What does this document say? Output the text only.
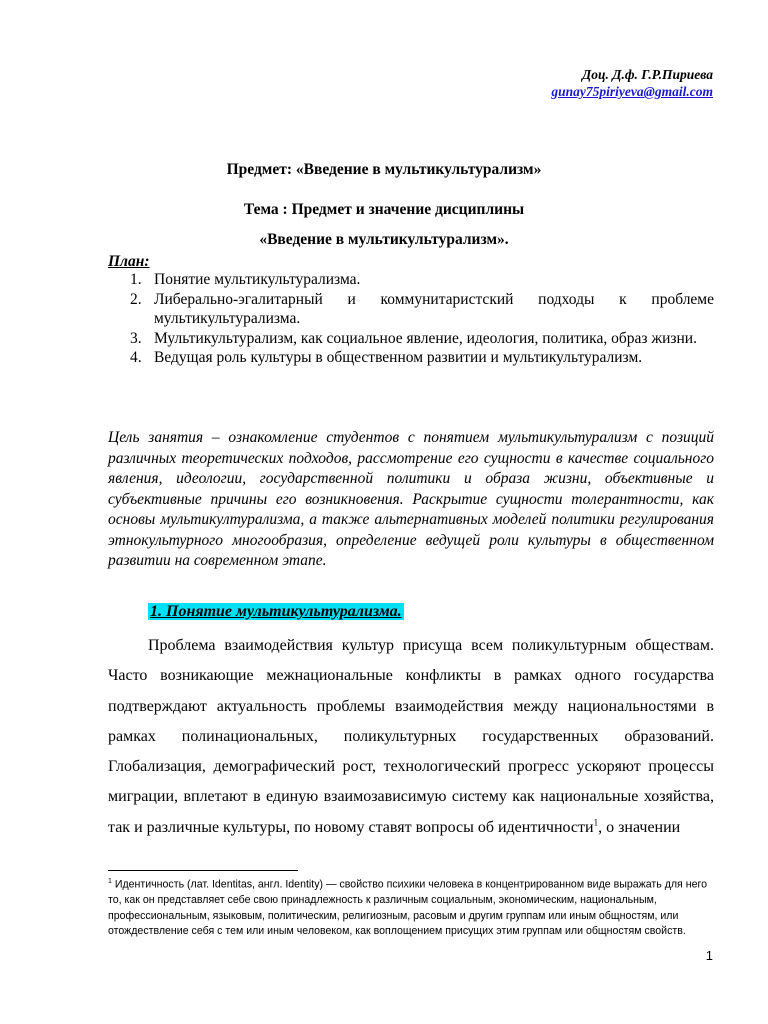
Доц. Д.ф. Г.Р.Пириева
gunay75piriyeva@gmail.com
Предмет: «Введение в мультикультурализм»
Тема : Предмет и значение дисциплины
«Введение в мультикультурализм».
План:
1. Понятие мультикультурализма.
2. Либерально-эгалитарный и коммунитаристский подходы к проблеме мультикультурализма.
3. Мультикультурализм, как социальное явление, идеология, политика, образ жизни.
4. Ведущая роль культуры в общественном развитии и мультикультурализм.

Цель занятия – ознакомление студентов с понятием мультикультурализм с позиций различных теоретических подходов, рассмотрение его сущности в качестве социального явления, идеологии, государственной политики и образа жизни, объективные и субъективные причины его возникновения. Раскрытие сущности толерантности, как основы мультикултурализма, а также альтернативных моделей политики регулирования этнокультурного многообразия, определение ведущей роли культуры в общественном развитии на современном этапе.

1. Понятие мультикультурализма.

Проблема взаимодействия культур присуща всем поликультурным обществам. Часто возникающие межнациональные конфликты в рамках одного государства подтверждают актуальность проблемы взаимодействия между национальностями в рамках полинациональных, поликультурных государственных образований. Глобализация, демографический рост, технологический прогресс ускоряют процессы миграции, вплетают в единую взаимозависимую систему как национальные хозяйства, так и различные культуры, по новому ставят вопросы об идентичности$^1$, о значении

$^1$ Идентичность (лат. Identitas, англ. Identity) — свойство психики человека в концентрированном виде выражать для него то, как он представляет себе свою принадлежность к различным социальным, экономическим, национальным, профессиональным, языковым, политическим, религиозным, расовым и другим группам или иным общностям, или отождествление себя с тем или иным человеком, как воплощением присущих этим группам или общностям свойств.

1
